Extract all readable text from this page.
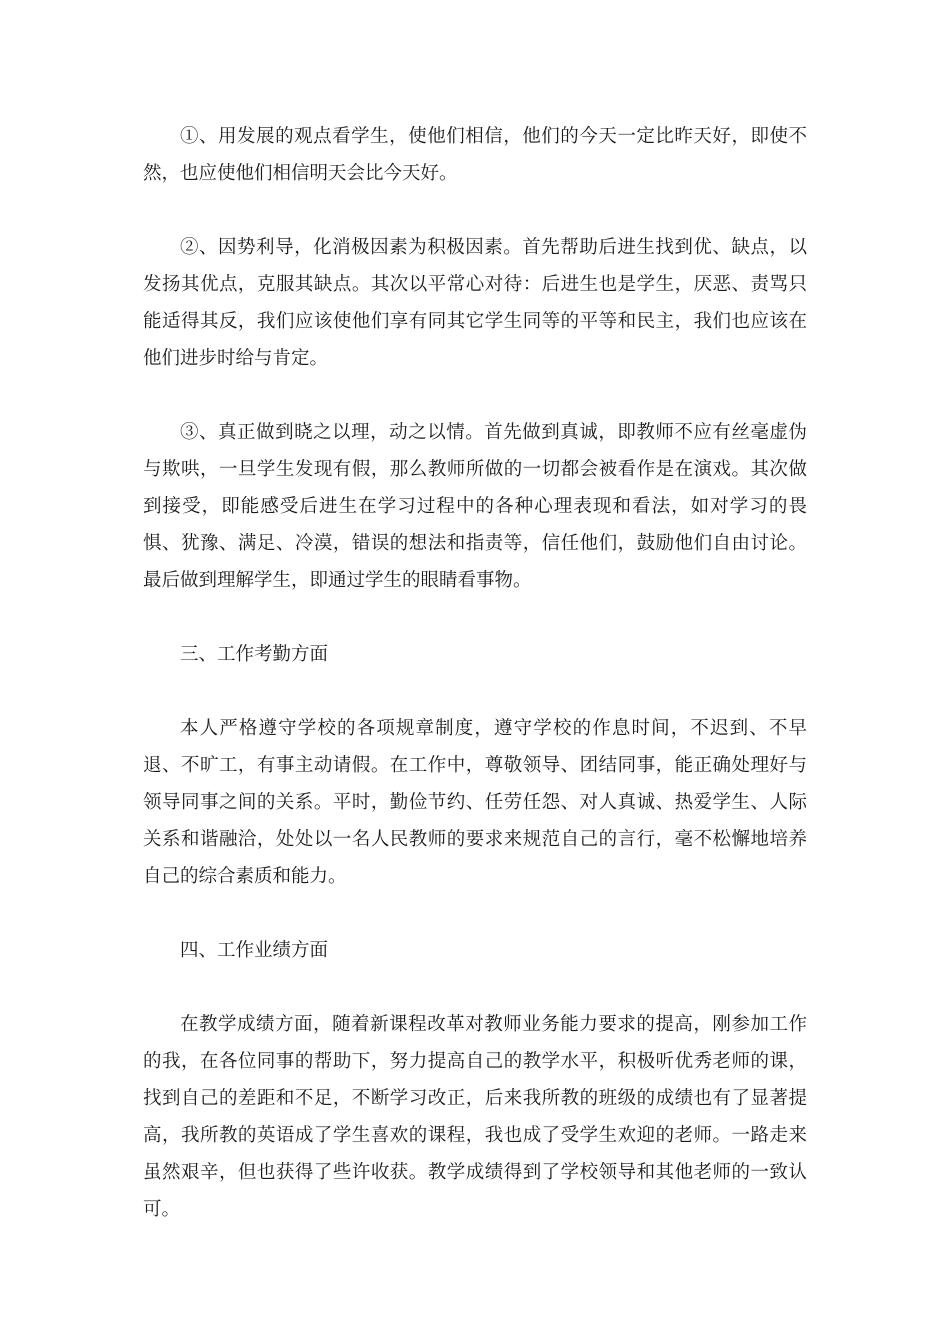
①、用发展的观点看学生，使他们相信，他们的今天一定比昨天好，即使不然，也应使他们相信明天会比今天好。

②、因势利导，化消极因素为积极因素。首先帮助后进生找到优、缺点，以发扬其优点，克服其缺点。其次以平常心对待：后进生也是学生，厌恶、责骂只能适得其反，我们应该使他们享有同其它学生同等的平等和民主，我们也应该在他们进步时给与肯定。

③、真正做到晓之以理，动之以情。首先做到真诚，即教师不应有丝毫虚伪与欺哄，一旦学生发现有假，那么教师所做的一切都会被看作是在演戏。其次做到接受，即能感受后进生在学习过程中的各种心理表现和看法，如对学习的畏惧、犹豫、满足、冷漠，错误的想法和指责等，信任他们，鼓励他们自由讨论。最后做到理解学生，即通过学生的眼睛看事物。

三、工作考勤方面

本人严格遵守学校的各项规章制度，遵守学校的作息时间，不迟到、不早退、不旷工，有事主动请假。在工作中，尊敬领导、团结同事，能正确处理好与领导同事之间的关系。平时，勤俭节约、任劳任怨、对人真诚、热爱学生、人际关系和谐融洽，处处以一名人民教师的要求来规范自己的言行，毫不松懈地培养自己的综合素质和能力。

四、工作业绩方面

在教学成绩方面，随着新课程改革对教师业务能力要求的提高，刚参加工作的我，在各位同事的帮助下，努力提高自己的教学水平，积极听优秀老师的课，找到自己的差距和不足，不断学习改正，后来我所教的班级的成绩也有了显著提高，我所教的英语成了学生喜欢的课程，我也成了受学生欢迎的老师。一路走来虽然艰辛，但也获得了些许收获。教学成绩得到了学校领导和其他老师的一致认可。
